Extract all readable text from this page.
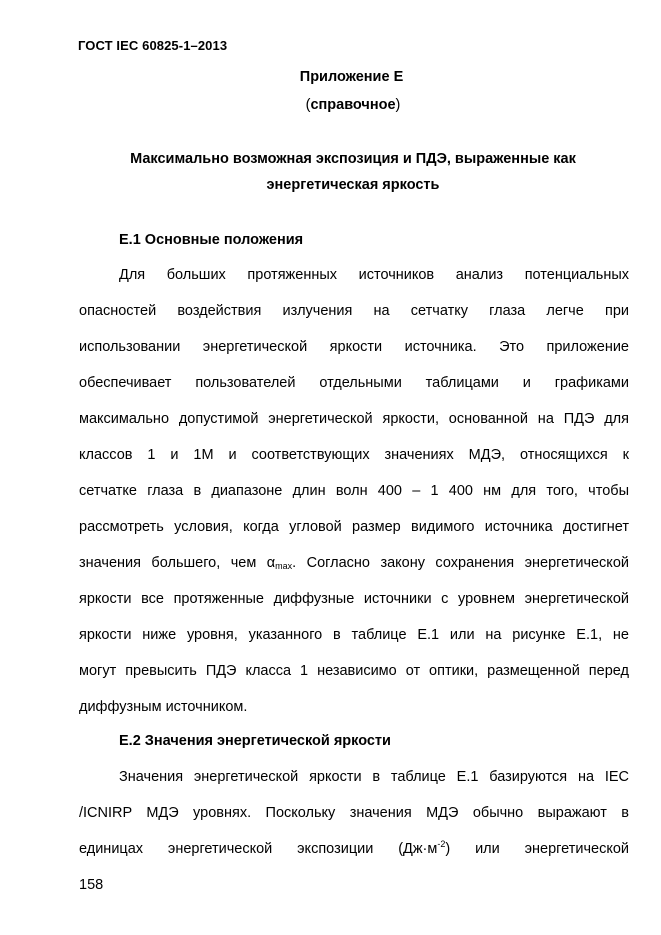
ГОСТ IEC 60825-1–2013
Приложение Е
(справочное)
Максимально возможная экспозиция и ПДЭ, выраженные как
энергетическая яркость
Е.1 Основные положения
Для больших протяженных источников анализ потенциальных
опасностей воздействия излучения на сетчатку глаза легче при
использовании энергетической яркости источника. Это приложение
обеспечивает пользователей отдельными таблицами и графиками
максимально допустимой энергетической яркости, основанной на ПДЭ для
классов 1 и 1М и соответствующих значениях МДЭ, относящихся к
сетчатке глаза в диапазоне длин волн 400 – 1 400 нм для того, чтобы
рассмотреть условия, когда угловой размер видимого источника достигнет
значения большего, чем $\alpha_{max}$. Согласно закону сохранения энергетической
яркости все протяженные диффузные источники с уровнем энергетической
яркости ниже уровня, указанного в таблице Е.1 или на рисунке Е.1, не
могут превысить ПДЭ класса 1 независимо от оптики, размещенной перед
диффузным источником.
Е.2 Значения энергетической яркости
Значения энергетической яркости в таблице Е.1 базируются на IEC
/ICNIRP МДЭ уровнях. Поскольку значения МДЭ обычно выражают в
единицах энергетической экспозиции $(Дж\cdot м^{-2})$ или энергетической
158
